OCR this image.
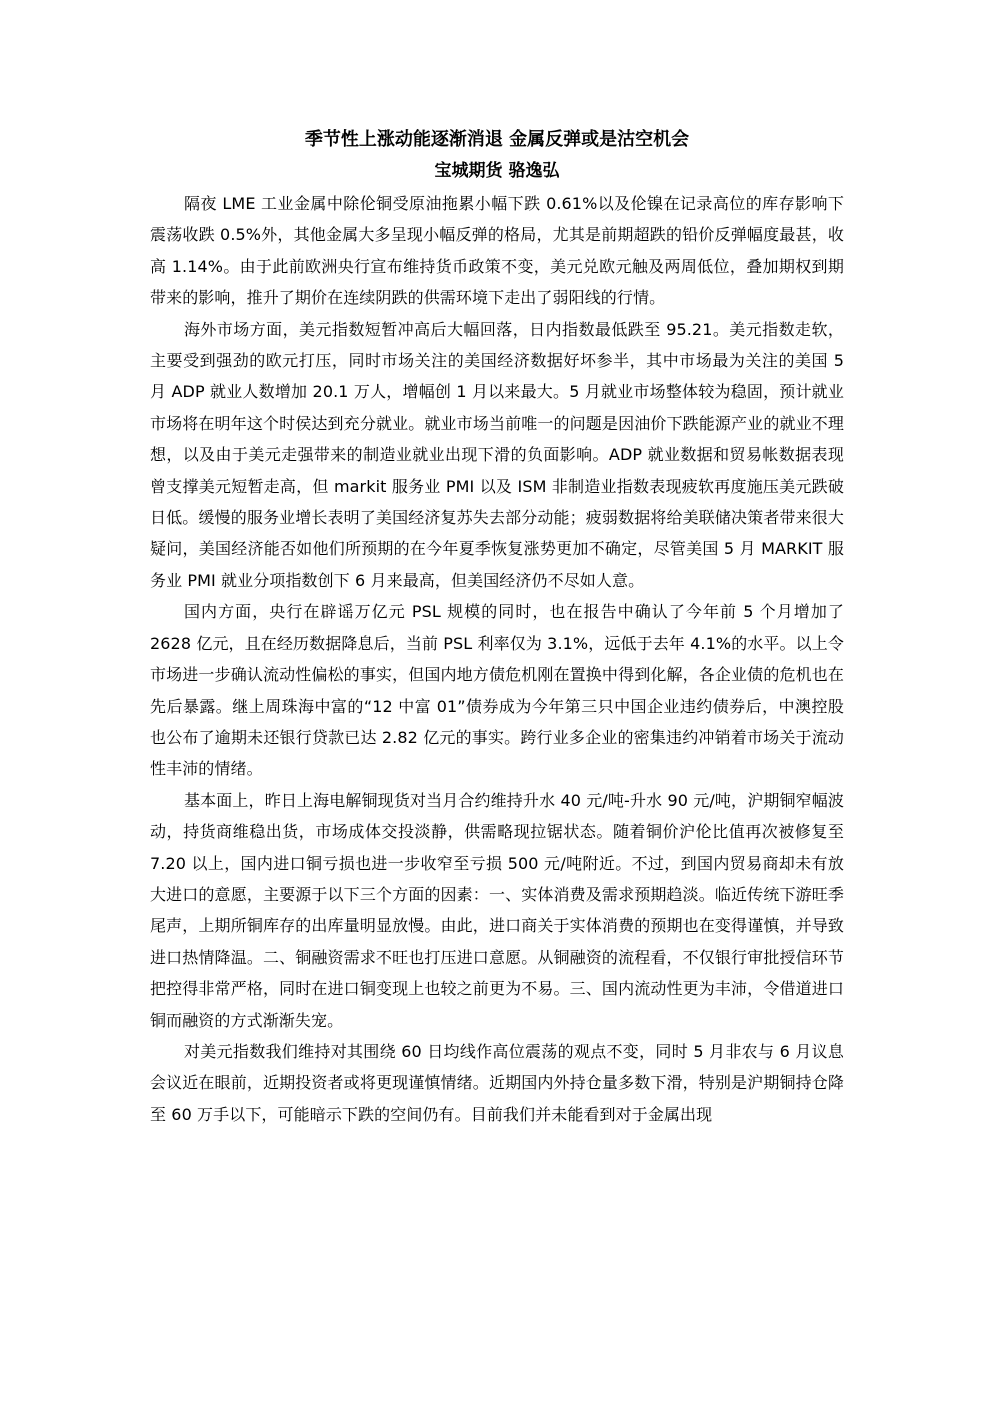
季节性上涨动能逐渐消退 金属反弹或是沽空机会
宝城期货 骆逸弘

隔夜 LME 工业金属中除伦铜受原油拖累小幅下跌 0.61%以及伦镍在记录高位的库存影响下震荡收跌 0.5%外，其他金属大多呈现小幅反弹的格局，尤其是前期超跌的铅价反弹幅度最甚，收高 1.14%。由于此前欧洲央行宣布维持货币政策不变，美元兑欧元触及两周低位，叠加期权到期带来的影响，推升了期价在连续阴跌的供需环境下走出了弱阳线的行情。

海外市场方面，美元指数短暂冲高后大幅回落，日内指数最低跌至 95.21。美元指数走软，主要受到强劲的欧元打压，同时市场关注的美国经济数据好坏参半，其中市场最为关注的美国 5 月 ADP 就业人数增加 20.1 万人，增幅创 1 月以来最大。5 月就业市场整体较为稳固，预计就业市场将在明年这个时侯达到充分就业。就业市场当前唯一的问题是因油价下跌能源产业的就业不理想，以及由于美元走强带来的制造业就业出现下滑的负面影响。ADP 就业数据和贸易帐数据表现曾支撑美元短暂走高，但 markit 服务业 PMI 以及 ISM 非制造业指数表现疲软再度施压美元跌破日低。缓慢的服务业增长表明了美国经济复苏失去部分动能；疲弱数据将给美联储决策者带来很大疑问，美国经济能否如他们所预期的在今年夏季恢复涨势更加不确定，尽管美国 5 月 MARKIT 服务业 PMI 就业分项指数创下 6 月来最高，但美国经济仍不尽如人意。

国内方面，央行在辟谣万亿元 PSL 规模的同时，也在报告中确认了今年前 5 个月增加了 2628 亿元，且在经历数据降息后，当前 PSL 利率仅为 3.1%，远低于去年 4.1%的水平。以上令市场进一步确认流动性偏松的事实，但国内地方债危机刚在置换中得到化解，各企业债的危机也在先后暴露。继上周珠海中富的“12 中富 01”债券成为今年第三只中国企业违约债券后，中澳控股也公布了逾期未还银行贷款已达 2.82 亿元的事实。跨行业多企业的密集违约冲销着市场关于流动性丰沛的情绪。

基本面上，昨日上海电解铜现货对当月合约维持升水 40 元/吨-升水 90 元/吨，沪期铜窄幅波动，持货商维稳出货，市场成体交投淡静，供需略现拉锯状态。随着铜价沪伦比值再次被修复至 7.20 以上，国内进口铜亏损也进一步收窄至亏损 500 元/吨附近。不过，到国内贸易商却未有放大进口的意愿，主要源于以下三个方面的因素：一、实体消费及需求预期趋淡。临近传统下游旺季尾声，上期所铜库存的出库量明显放慢。由此，进口商关于实体消费的预期也在变得谨慎，并导致进口热情降温。二、铜融资需求不旺也打压进口意愿。从铜融资的流程看，不仅银行审批授信环节把控得非常严格，同时在进口铜变现上也较之前更为不易。三、国内流动性更为丰沛，令借道进口铜而融资的方式渐渐失宠。

对美元指数我们维持对其围绕 60 日均线作高位震荡的观点不变，同时 5 月非农与 6 月议息会议近在眼前，近期投资者或将更现谨慎情绪。近期国内外持仓量多数下滑，特别是沪期铜持仓降至 60 万手以下，可能暗示下跌的空间仍有。目前我们并未能看到对于金属出现
